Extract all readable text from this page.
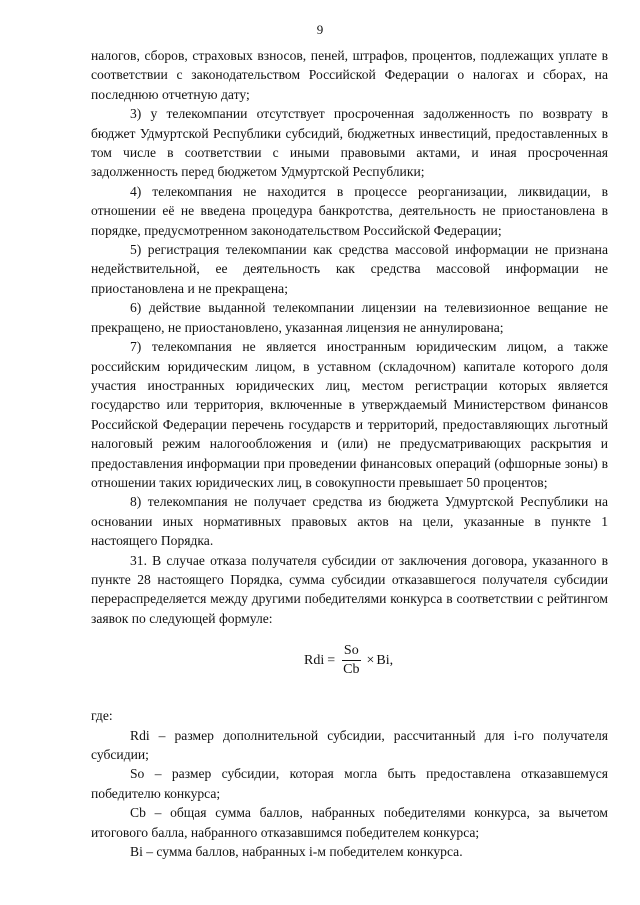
9

налогов, сборов, страховых взносов, пеней, штрафов, процентов, подлежащих уплате в соответствии с законодательством Российской Федерации о налогах и сборах, на последнюю отчетную дату;

3) у телекомпании отсутствует просроченная задолженность по возврату в бюджет Удмуртской Республики субсидий, бюджетных инвестиций, предоставленных в том числе в соответствии с иными правовыми актами, и иная просроченная задолженность перед бюджетом Удмуртской Республики;

4) телекомпания не находится в процессе реорганизации, ликвидации, в отношении её не введена процедура банкротства, деятельность не приостановлена в порядке, предусмотренном законодательством Российской Федерации;

5) регистрация телекомпании как средства массовой информации не признана недействительной, ее деятельность как средства массовой информации не приостановлена и не прекращена;

6) действие выданной телекомпании лицензии на телевизионное вещание не прекращено, не приостановлено, указанная лицензия не аннулирована;

7) телекомпания не является иностранным юридическим лицом, а также российским юридическим лицом, в уставном (складочном) капитале которого доля участия иностранных юридических лиц, местом регистрации которых является государство или территория, включенные в утверждаемый Министерством финансов Российской Федерации перечень государств и территорий, предоставляющих льготный налоговый режим налогообложения и (или) не предусматривающих раскрытия и предоставления информации при проведении финансовых операций (офшорные зоны) в отношении таких юридических лиц, в совокупности превышает 50 процентов;

8) телекомпания не получает средства из бюджета Удмуртской Республики на основании иных нормативных правовых актов на цели, указанные в пункте 1 настоящего Порядка.

31. В случае отказа получателя субсидии от заключения договора, указанного в пункте 28 настоящего Порядка, сумма субсидии отказавшегося получателя субсидии перераспределяется между другими победителями конкурса в соответствии с рейтингом заявок по следующей формуле:

Rdi = $\frac{So}{Cb} \times Bi$,

где:

Rdi – размер дополнительной субсидии, рассчитанный для i-го получателя субсидии;

So – размер субсидии, которая могла быть предоставлена отказавшемуся победителю конкурса;

Cb – общая сумма баллов, набранных победителями конкурса, за вычетом итогового балла, набранного отказавшимся победителем конкурса;

Bi – сумма баллов, набранных i-м победителем конкурса.
